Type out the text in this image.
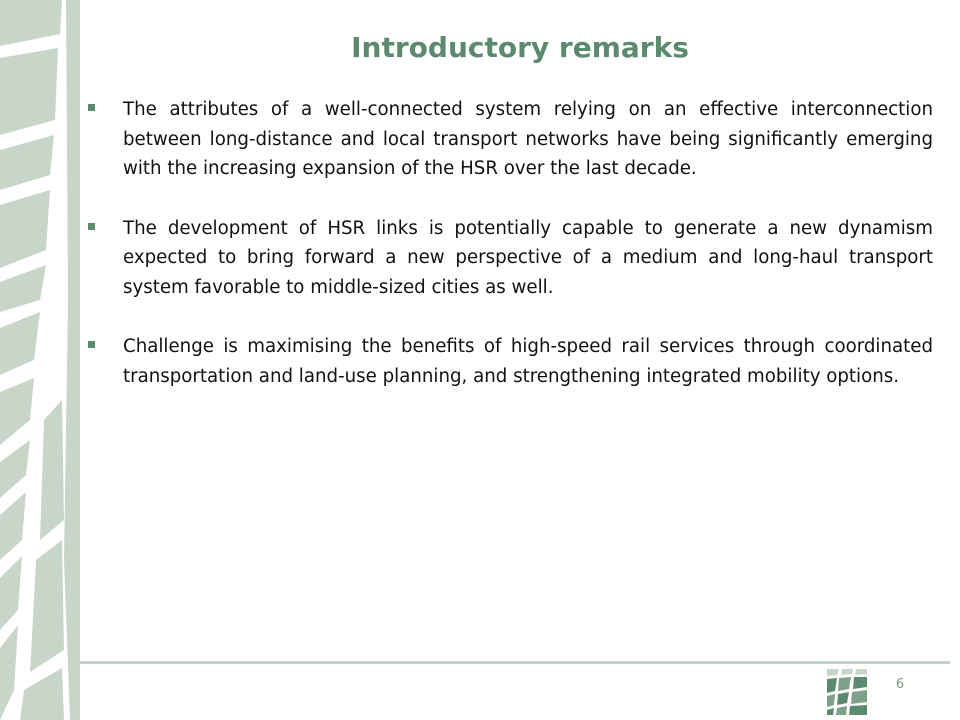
Introductory remarks
The attributes of a well-connected system relying on an effective interconnection between long-distance and local transport networks have being significantly emerging with the increasing expansion of the HSR over the last decade.
The development of HSR links is potentially capable to generate a new dynamism expected to bring forward a new perspective of a medium and long-haul transport system favorable to middle-sized cities as well.
Challenge is maximising the benefits of high-speed rail services through coordinated transportation and land-use planning, and strengthening integrated mobility options.
6
